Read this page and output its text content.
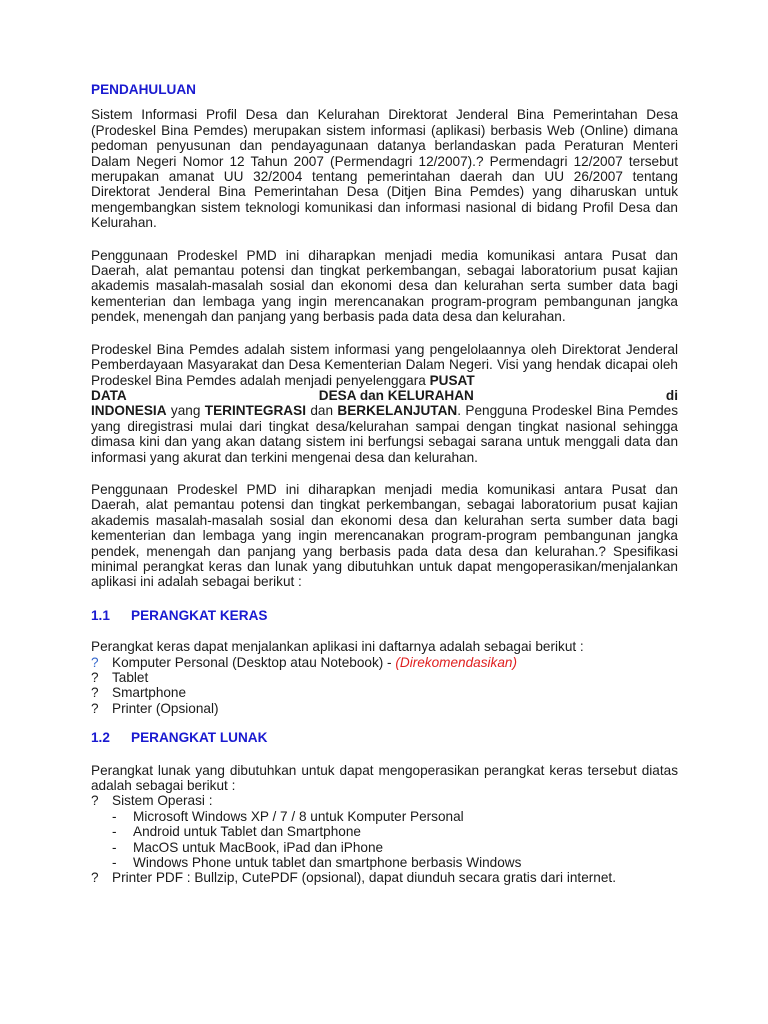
PENDAHULUAN

Sistem Informasi Profil Desa dan Kelurahan Direktorat Jenderal Bina Pemerintahan Desa (Prodeskel Bina Pemdes) merupakan sistem informasi (aplikasi) berbasis Web (Online) dimana pedoman penyusunan dan pendayagunaan datanya berlandaskan pada Peraturan Menteri Dalam Negeri Nomor 12 Tahun 2007 (Permendagri 12/2007).? Permendagri 12/2007 tersebut merupakan amanat UU 32/2004 tentang pemerintahan daerah dan UU 26/2007 tentang Direktorat Jenderal Bina Pemerintahan Desa (Ditjen Bina Pemdes) yang diharuskan untuk mengembangkan sistem teknologi komunikasi dan informasi nasional di bidang Profil Desa dan Kelurahan.

Penggunaan Prodeskel PMD ini diharapkan menjadi media komunikasi antara Pusat dan Daerah, alat pemantau potensi dan tingkat perkembangan, sebagai laboratorium pusat kajian akademis masalah-masalah sosial dan ekonomi desa dan kelurahan serta sumber data bagi kementerian dan lembaga yang ingin merencanakan program-program pembangunan jangka pendek, menengah dan panjang yang berbasis pada data desa dan kelurahan.

Prodeskel Bina Pemdes adalah sistem informasi yang pengelolaannya oleh Direktorat Jenderal Pemberdayaan Masyarakat dan Desa Kementerian Dalam Negeri. Visi yang hendak dicapai oleh Prodeskel Bina Pemdes adalah menjadi penyelenggara PUSAT

DATA	DESA dan KELURAHAN	di

INDONESIA yang TERINTEGRASI dan BERKELANJUTAN. Pengguna Prodeskel Bina Pemdes yang diregistrasi mulai dari tingkat desa/kelurahan sampai dengan tingkat nasional sehingga dimasa kini dan yang akan datang sistem ini berfungsi sebagai sarana untuk menggali data dan informasi yang akurat dan terkini mengenai desa dan kelurahan.

Penggunaan Prodeskel PMD ini diharapkan menjadi media komunikasi antara Pusat dan Daerah, alat pemantau potensi dan tingkat perkembangan, sebagai laboratorium pusat kajian akademis masalah-masalah sosial dan ekonomi desa dan kelurahan serta sumber data bagi kementerian dan lembaga yang ingin merencanakan program-program pembangunan jangka pendek, menengah dan panjang yang berbasis pada data desa dan kelurahan.? Spesifikasi minimal perangkat keras dan lunak yang dibutuhkan untuk dapat mengoperasikan/menjalankan aplikasi ini adalah sebagai berikut :

1.1 PERANGKAT KERAS

Perangkat keras dapat menjalankan aplikasi ini daftarnya adalah sebagai berikut :

? Komputer Personal (Desktop atau Notebook) - (Direkomendasikan)
? Tablet
? Smartphone
? Printer (Opsional)
1.2 PERANGKAT LUNAK

Perangkat lunak yang dibutuhkan untuk dapat mengoperasikan perangkat keras tersebut diatas adalah sebagai berikut :

? Sistem Operasi :
- Microsoft Windows XP / 7 / 8 untuk Komputer Personal
- Android untuk Tablet dan Smartphone
- MacOS untuk MacBook, iPad dan iPhone
- Windows Phone untuk tablet dan smartphone berbasis Windows
? Printer PDF : Bullzip, CutePDF (opsional), dapat diunduh secara gratis dari internet.
